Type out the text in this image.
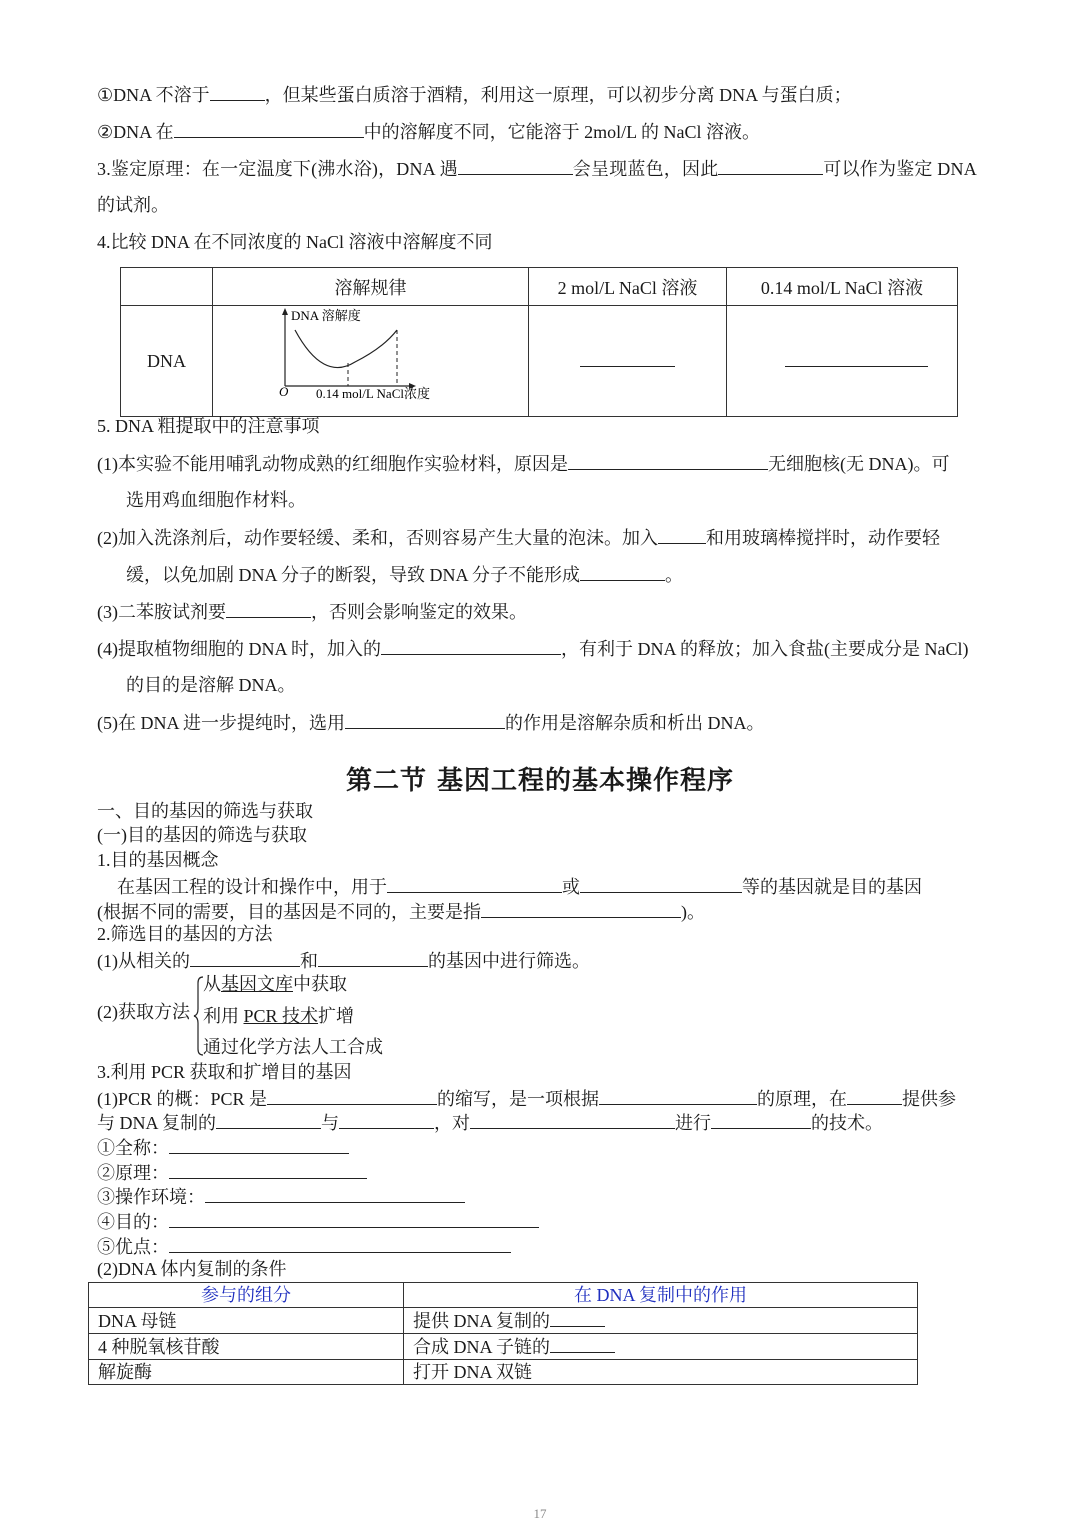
①DNA 不溶于	，但某些蛋白质溶于酒精，利用这一原理，可以初步分离 DNA 与蛋白质；
②DNA 在	中的溶解度不同，它能溶于 2mol/L 的 NaCl 溶液。
3.鉴定原理：在一定温度下(沸水浴)，DNA 遇	会呈现蓝色，因此	可以作为鉴定 DNA
的试剂。
4.比较 DNA 在不同浓度的 NaCl 溶液中溶解度不同
	溶解规律	2 mol/L NaCl 溶液	0.14 mol/L NaCl 溶液
DNA	DNA 溶解度
O 0.14 mol/L NaCl浓度		

5. DNA 粗提取中的注意事项
(1)本实验不能用哺乳动物成熟的红细胞作实验材料，原因是	无细胞核(无 DNA)。可
选用鸡血细胞作材料。
(2)加入洗涤剂后，动作要轻缓、柔和，否则容易产生大量的泡沫。加入	和用玻璃棒搅拌时，动作要轻
缓，以免加剧 DNA 分子的断裂，导致 DNA 分子不能形成	。
(3)二苯胺试剂要	，否则会影响鉴定的效果。
(4)提取植物细胞的 DNA 时，加入的	，有利于 DNA 的释放；加入食盐(主要成分是 NaCl)
的目的是溶解 DNA。
(5)在 DNA 进一步提纯时，选用	的作用是溶解杂质和析出 DNA。
第二节 基因工程的基本操作程序
一、目的基因的筛选与获取
(一)目的基因的筛选与获取
1.目的基因概念
在基因工程的设计和操作中，用于	或	等的基因就是目的基因
(根据不同的需要，目的基因是不同的，主要是指	)。
2.筛选目的基因的方法
(1)从相关的	和	的基因中进行筛选。
(2)获取方法
从基因文库中获取
利用 PCR 技术扩增
通过化学方法人工合成
3.利用 PCR 获取和扩增目的基因
(1)PCR 的概：PCR 是	的缩写，是一项根据	的原理，在	提供参
与 DNA 复制的	与	，对	进行	的技术。
①全称：
②原理：
③操作环境：
④目的：
⑤优点：
(2)DNA 体内复制的条件
参与的组分	在 DNA 复制中的作用
DNA 母链	提供 DNA 复制的
4 种脱氧核苷酸	合成 DNA 子链的
解旋酶	打开 DNA 双链
17
